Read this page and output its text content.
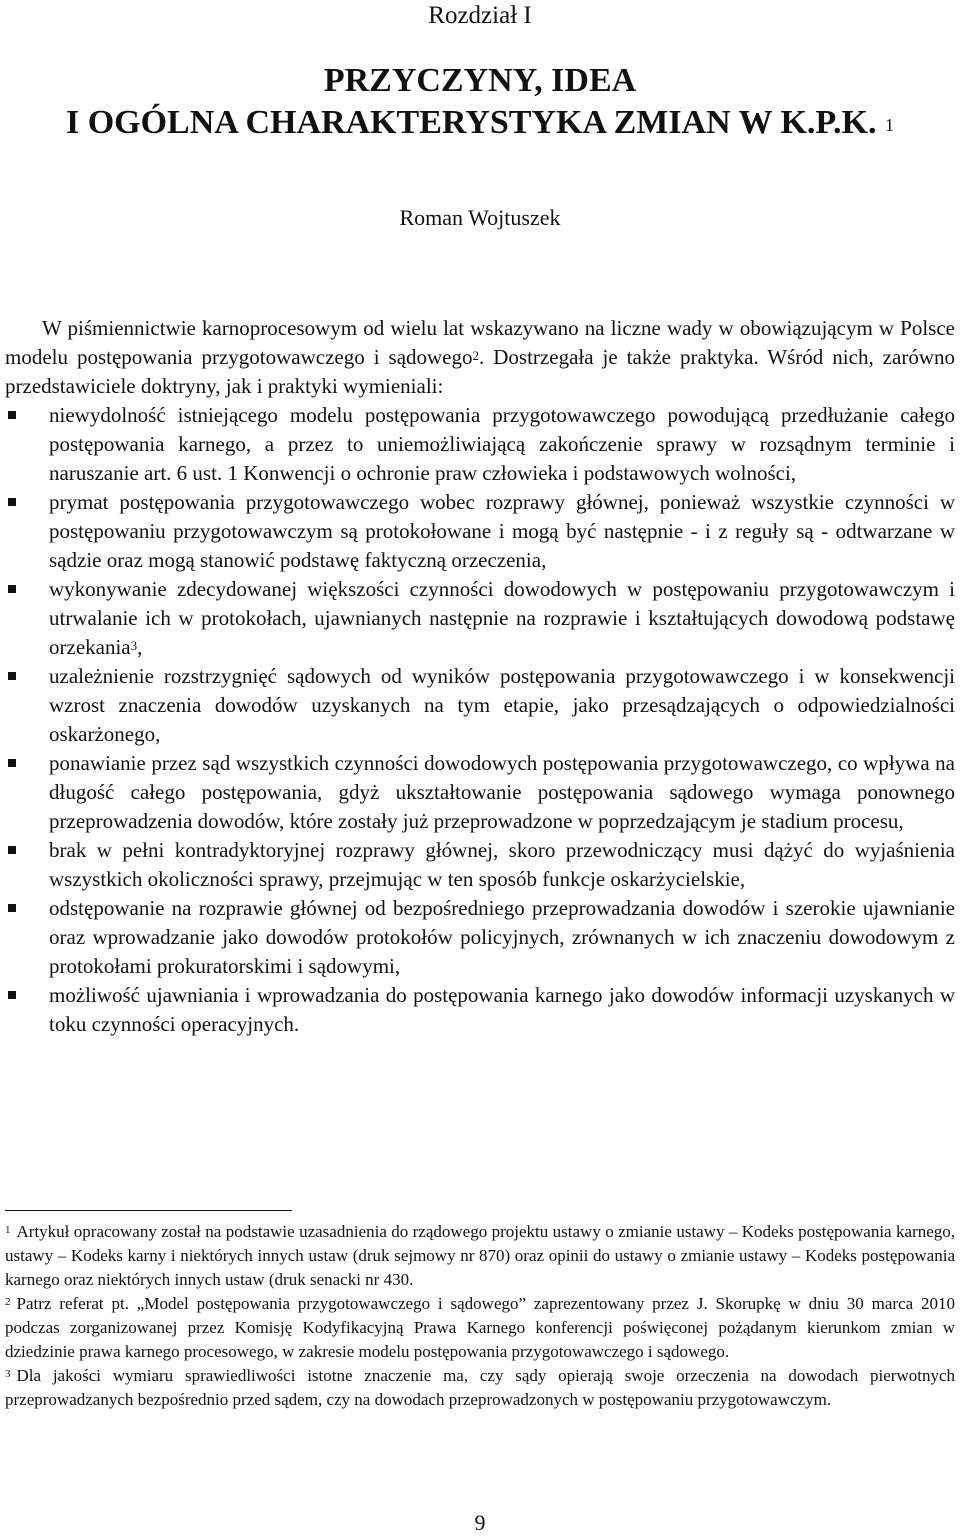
Rozdział I
PRZYCZYNY, IDEA
I OGÓLNA CHARAKTERYSTYKA ZMIAN W K.P.K. $^1$
Roman Wojtuszek

W piśmiennictwie karnoprocesowym od wielu lat wskazywano na liczne wady w obowiązującym w Polsce modelu postępowania przygotowawczego i sądowego$^2$. Dostrzegała je także praktyka. Wśród nich, zarówno przedstawiciele doktryny, jak i praktyki wymieniali:

niewydolność istniejącego modelu postępowania przygotowawczego powodującą przedłużanie całego postępowania karnego, a przez to uniemożliwiającą zakończenie sprawy w rozsądnym terminie i naruszanie art. 6 ust. 1 Konwencji o ochronie praw człowieka i podstawowych wolności,
prymat postępowania przygotowawczego wobec rozprawy głównej, ponieważ wszystkie czynności w postępowaniu przygotowawczym są protokołowane i mogą być następnie - i z reguły są - odtwarzane w sądzie oraz mogą stanowić podstawę faktyczną orzeczenia,
wykonywanie zdecydowanej większości czynności dowodowych w postępowaniu przygotowawczym i utrwalanie ich w protokołach, ujawnianych następnie na rozprawie i kształtujących dowodową podstawę orzekania$^3$,
uzależnienie rozstrzygnięć sądowych od wyników postępowania przygotowawczego i w konsekwencji wzrost znaczenia dowodów uzyskanych na tym etapie, jako przesądzających o odpowiedzialności oskarżonego,
ponawianie przez sąd wszystkich czynności dowodowych postępowania przygotowawczego, co wpływa na długość całego postępowania, gdyż ukształtowanie postępowania sądowego wymaga ponownego przeprowadzenia dowodów, które zostały już przeprowadzone w poprzedzającym je stadium procesu,
brak w pełni kontradyktoryjnej rozprawy głównej, skoro przewodniczący musi dążyć do wyjaśnienia wszystkich okoliczności sprawy, przejmując w ten sposób funkcje oskarżycielskie,
odstępowanie na rozprawie głównej od bezpośredniego przeprowadzania dowodów i szerokie ujawnianie oraz wprowadzanie jako dowodów protokołów policyjnych, zrównanych w ich znaczeniu dowodowym z protokołami prokuratorskimi i sądowymi,
możliwość ujawniania i wprowadzania do postępowania karnego jako dowodów informacji uzyskanych w toku czynności operacyjnych.

$^1$ Artykuł opracowany został na podstawie uzasadnienia do rządowego projektu ustawy o zmianie ustawy – Kodeks postępowania karnego, ustawy – Kodeks karny i niektórych innych ustaw (druk sejmowy nr 870) oraz opinii do ustawy o zmianie ustawy – Kodeks postępowania karnego oraz niektórych innych ustaw (druk senacki nr 430.

$^2$ Patrz referat pt. „Model postępowania przygotowawczego i sądowego” zaprezentowany przez J. Skorupkę w dniu 30 marca 2010 podczas zorganizowanej przez Komisję Kodyfikacyjną Prawa Karnego konferencji poświęconej pożądanym kierunkom zmian w dziedzinie prawa karnego procesowego, w zakresie modelu postępowania przygotowawczego i sądowego.

$^3$ Dla jakości wymiaru sprawiedliwości istotne znaczenie ma, czy sądy opierają swoje orzeczenia na dowodach pierwotnych przeprowadzanych bezpośrednio przed sądem, czy na dowodach przeprowadzonych w postępowaniu przygotowawczym.

9
